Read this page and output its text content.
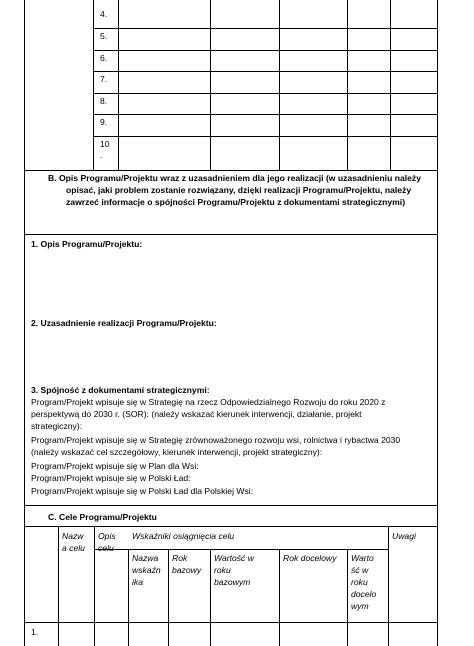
4.
5.
6.
7.
8.
9.
10
.
B. Opis Programu/Projektu wraz z uzasadnieniem dla jego realizacji (w uzasadnieniu należy
opisać, jaki problem zostanie rozwiązany, dzięki realizacji Programu/Projektu, należy
zawrzeć informacje o spójności Programu/Projektu z dokumentami strategicznymi)
1. Opis Programu/Projektu:
2. Uzasadnienie realizacji Programu/Projektu:
3. Spójność z dokumentami strategicznymi:
Program/Projekt wpisuje się w Strategię na rzecz Odpowiedzialnego Rozwoju do roku 2020 z
perspektywą do 2030 r. (SOR): (należy wskazać kierunek interwencji, działanie, projekt
strategiczny):
Program/Projekt wpisuje się w Strategię zrównoważonego rozwoju wsi, rolnictwa i rybactwa 2030
(należy wskazać cel szczegółowy, kierunek interwencji, projekt strategiczny):
Program/Projekt wpisuje się w Plan dla Wsi:
Program/Projekt wpisuje się w Polski Ład:
Program/Projekt wpisuje się w Polski Ład dla Polskiej Wsi:
C. Cele Programu/Projektu
Nazw
a celu
Opis
celu
Wskaźniki osiągnięcia celu	Uwagi
Nazwa
wskaźn
ika
Rok
bazowy
Wartość w
roku
bazowym
Rok docelowy Warto
ść w
roku
docelo
wym
1.
